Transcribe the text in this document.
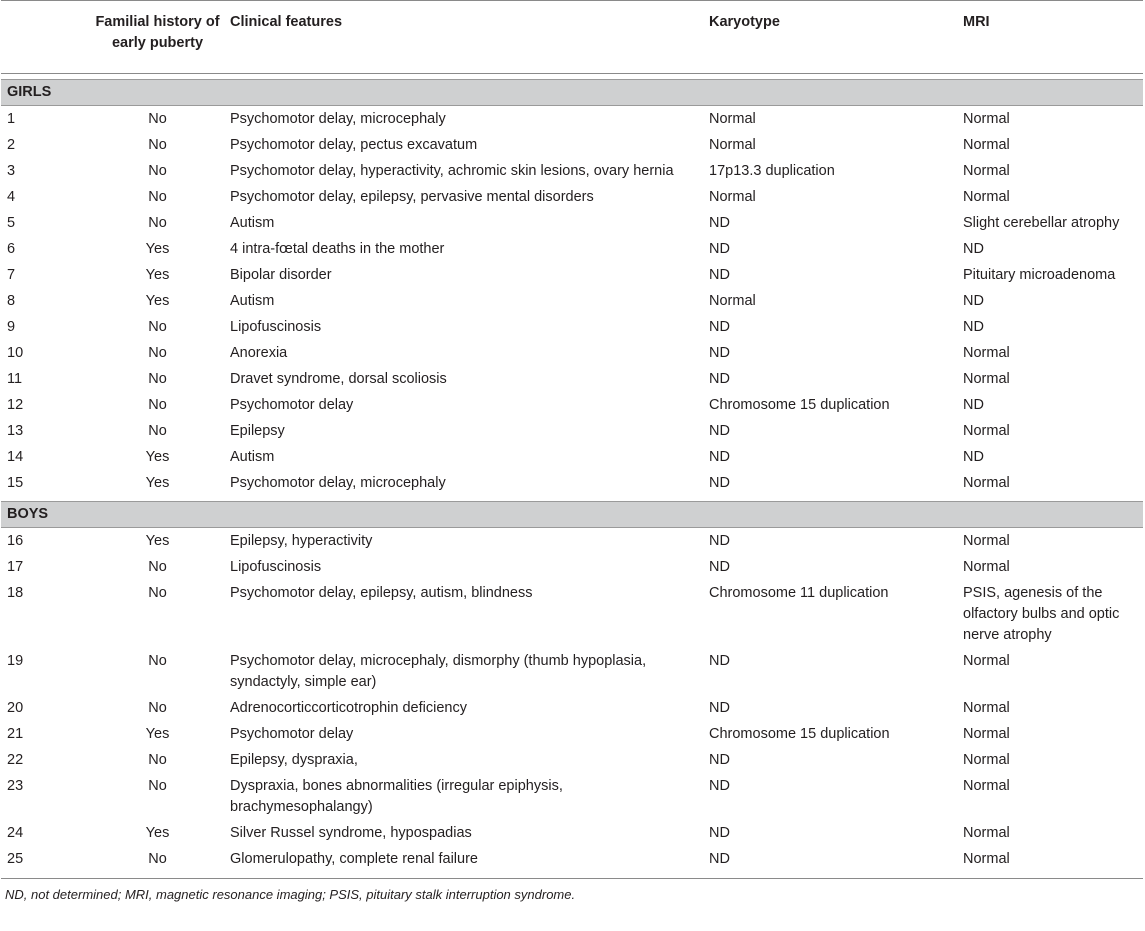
	Familial history of early puberty	Clinical features	Karyotype	MRI

GIRLS				
1	No	Psychomotor delay, microcephaly	Normal	Normal
2	No	Psychomotor delay, pectus excavatum	Normal	Normal
3	No	Psychomotor delay, hyperactivity, achromic skin lesions, ovary hernia	17p13.3 duplication	Normal
4	No	Psychomotor delay, epilepsy, pervasive mental disorders	Normal	Normal
5	No	Autism	ND	Slight cerebellar atrophy
6	Yes	4 intra-fœtal deaths in the mother	ND	ND
7	Yes	Bipolar disorder	ND	Pituitary microadenoma
8	Yes	Autism	Normal	ND
9	No	Lipofuscinosis	ND	ND
10	No	Anorexia	ND	Normal
11	No	Dravet syndrome, dorsal scoliosis	ND	Normal
12	No	Psychomotor delay	Chromosome 15 duplication	ND
13	No	Epilepsy	ND	Normal
14	Yes	Autism	ND	ND
15	Yes	Psychomotor delay, microcephaly	ND	Normal

BOYS				
16	Yes	Epilepsy, hyperactivity	ND	Normal
17	No	Lipofuscinosis	ND	Normal
18	No	Psychomotor delay, epilepsy, autism, blindness	Chromosome 11 duplication	PSIS, agenesis of the olfactory bulbs and optic nerve atrophy
19	No	Psychomotor delay, microcephaly, dismorphy (thumb hypoplasia, syndactyly, simple ear)	ND	Normal
20	No	Adrenocorticcorticotrophin deficiency	ND	Normal
21	Yes	Psychomotor delay	Chromosome 15 duplication	Normal
22	No	Epilepsy, dyspraxia,	ND	Normal
23	No	Dyspraxia, bones abnormalities (irregular epiphysis, brachymesophalangy)	ND	Normal
24	Yes	Silver Russel syndrome, hypospadias	ND	Normal
25	No	Glomerulopathy, complete renal failure	ND	Normal
ND, not determined; MRI, magnetic resonance imaging; PSIS, pituitary stalk interruption syndrome.
